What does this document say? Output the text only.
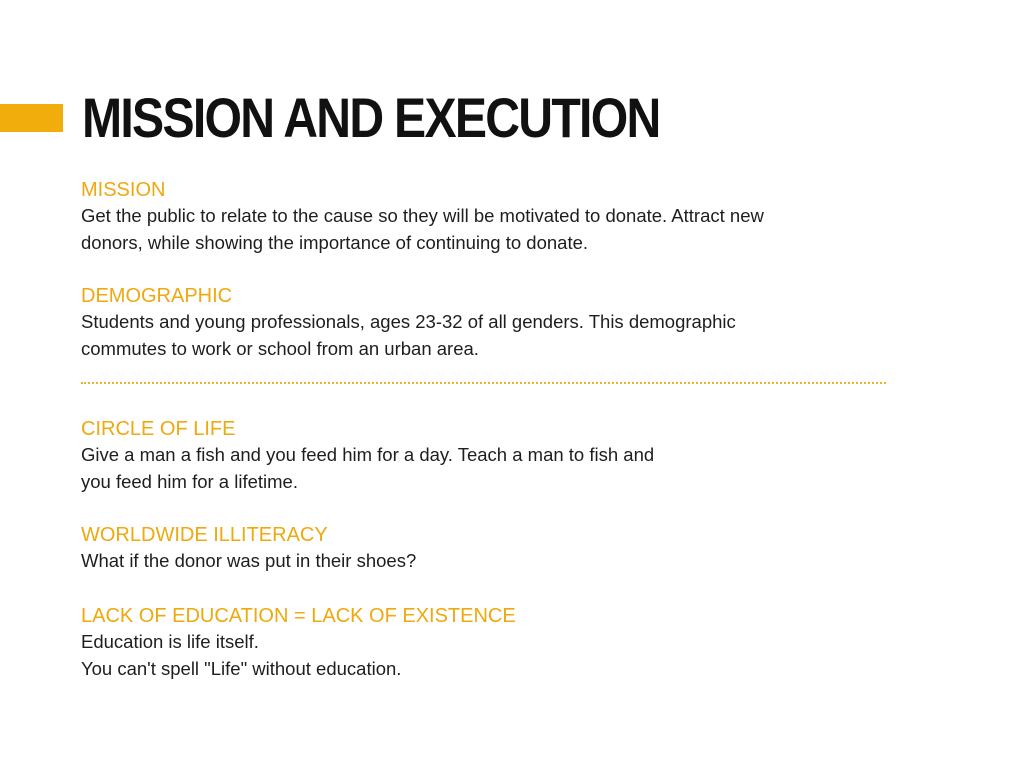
MISSION AND EXECUTION

MISSION

Get the public to relate to the cause so they will be motivated to donate. Attract new

donors, while showing the importance of continuing to donate.

DEMOGRAPHIC

Students and young professionals, ages 23-32 of all genders. This demographic

commutes to work or school from an urban area.

CIRCLE OF LIFE

Give a man a fish and you feed him for a day. Teach a man to fish and

you feed him for a lifetime.

WORLDWIDE ILLITERACY

What if the donor was put in their shoes?

LACK OF EDUCATION = LACK OF EXISTENCE

Education is life itself.

You can't spell "Life" without education.
